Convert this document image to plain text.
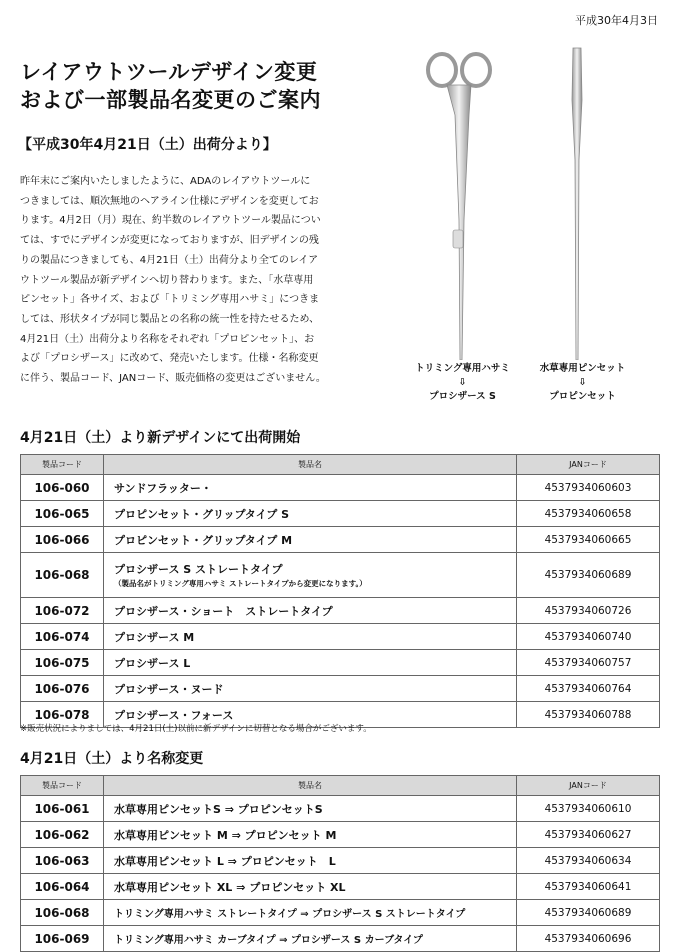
平成30年4月3日
レイアウトツールデザイン変更
および一部製品名変更のご案内
【平成30年4月21日（土）出荷分より】
昨年末にご案内いたしましたように、ADAのレイアウトツールに
つきましては、順次無地のヘアライン仕様にデザインを変更してお
ります。4月2日（月）現在、約半数のレイアウトツール製品につい
ては、すでにデザインが変更になっておりますが、旧デザインの残
りの製品につきましても、4月21日（土）出荷分より全てのレイア
ウトツール製品が新デザインへ切り替わります。また、「水草専用
ピンセット」各サイズ、および「トリミング専用ハサミ」につきま
しては、形状タイプが同じ製品との名称の統一性を持たせるため、
4月21日（土）出荷分より名称をそれぞれ「プロピンセット」、お
よび「プロシザース」に改めて、発売いたします。仕様・名称変更
に伴う、製品コード、JANコード、販売価格の変更はございません。
トリミング専用ハサミ
⇩
プロシザース S
水草専用ピンセット
⇩
プロピンセット
4月21日（土）より新デザインにて出荷開始
製品コード	製品名	JANコード
106-060	サンドフラッター・	4537934060603
106-065	プロピンセット・グリップタイプ S	4537934060658
106-066	プロピンセット・グリップタイプ M	4537934060665
106-068	プロシザース S ストレートタイプ
（製品名がトリミング専用ハサミ ストレートタイプから変更になります。）	4537934060689
106-072	プロシザース・ショート　ストレートタイプ	4537934060726
106-074	プロシザース M	4537934060740
106-075	プロシザース L	4537934060757
106-076	プロシザース・ヌード	4537934060764
106-078	プロシザース・フォース	4537934060788
※販売状況によりましては、4月21日(土)以前に新デザインに切替となる場合がございます。
4月21日（土）より名称変更
製品コード	製品名	JANコード
106-061	水草専用ピンセットS ⇒ プロピンセットS	4537934060610
106-062	水草専用ピンセット M ⇒ プロピンセット M	4537934060627
106-063	水草専用ピンセット L ⇒ プロピンセット　L	4537934060634
106-064	水草専用ピンセット XL ⇒ プロピンセット XL	4537934060641
106-068	トリミング専用ハサミ ストレートタイプ ⇒ プロシザース S ストレートタイプ	4537934060689
106-069	トリミング専用ハサミ カーブタイプ ⇒ プロシザース S カーブタイプ	4537934060696
